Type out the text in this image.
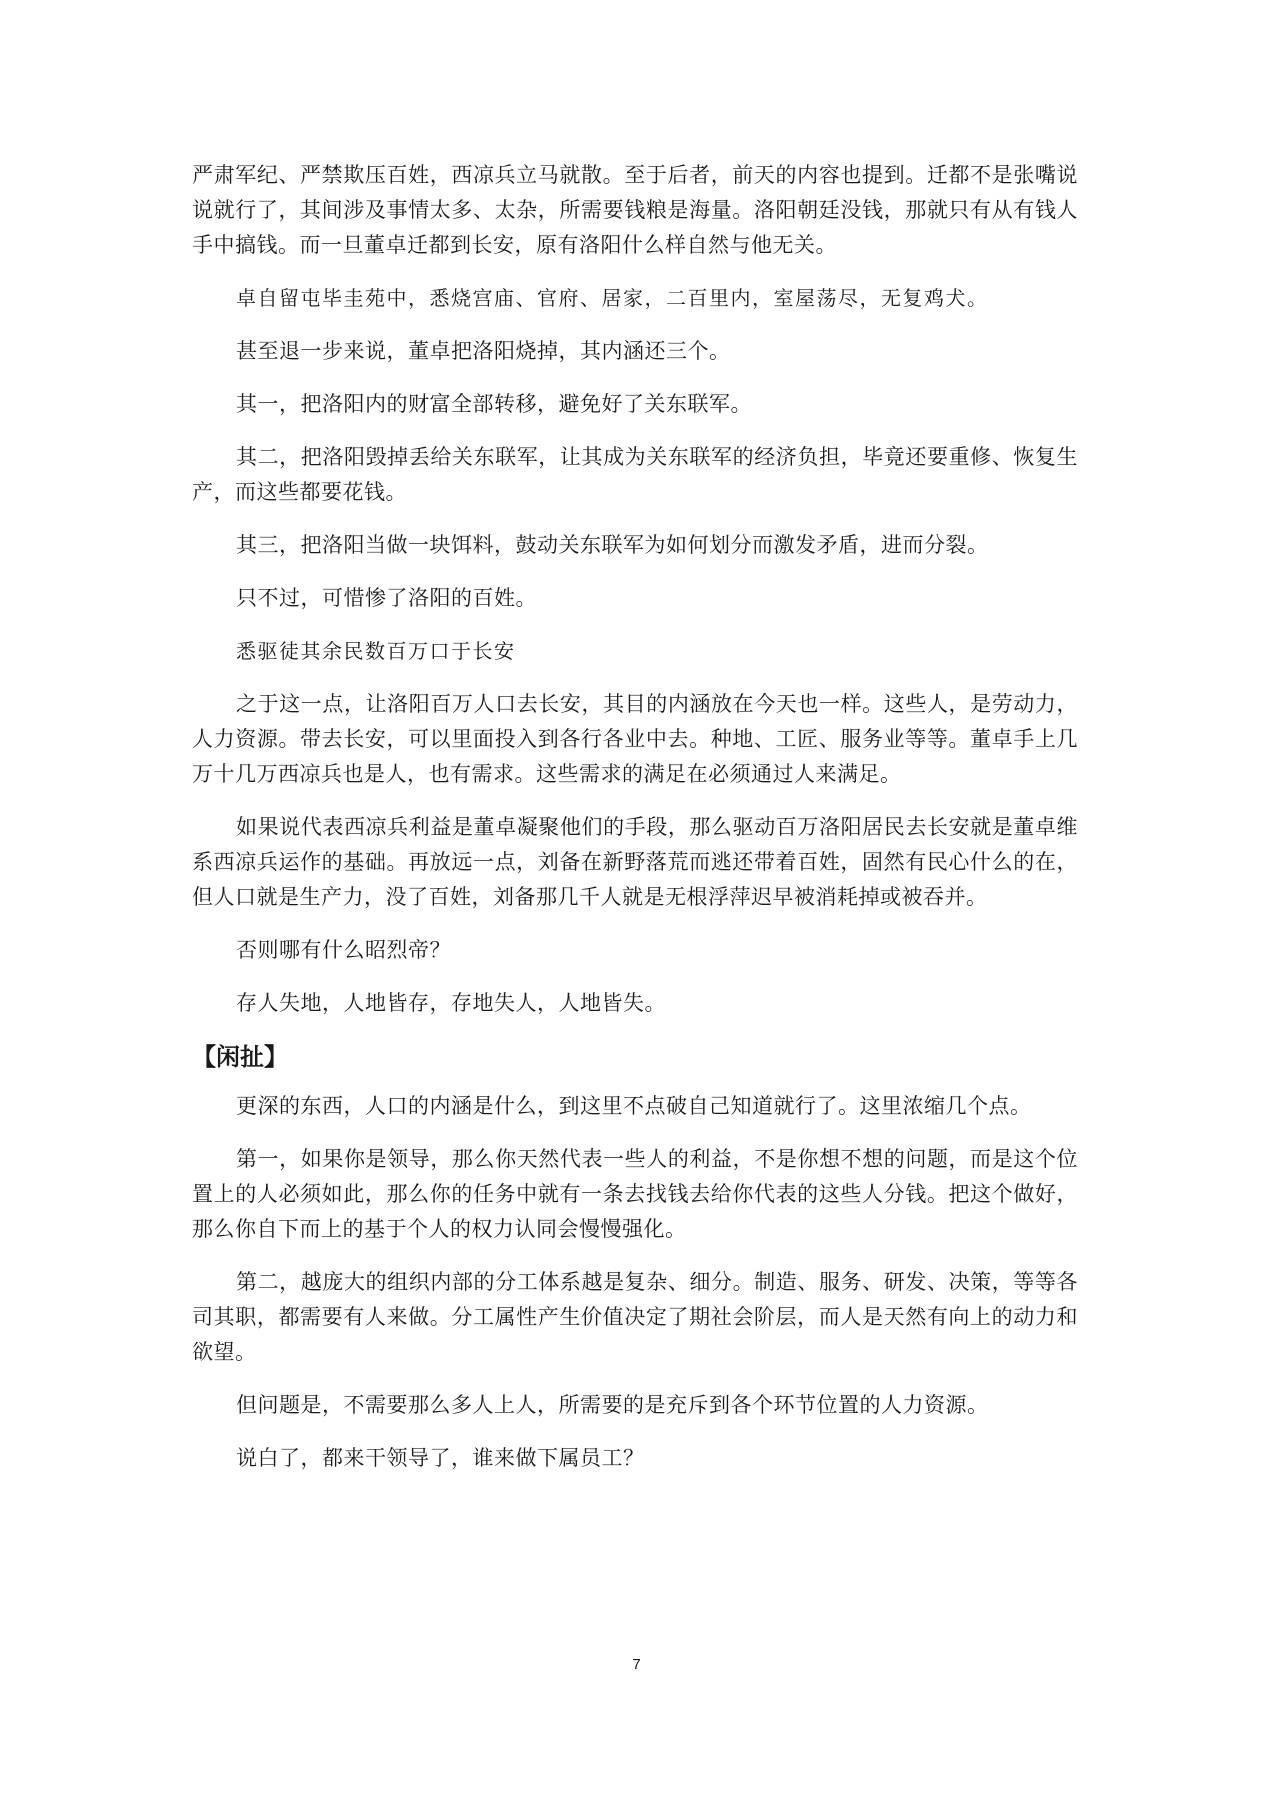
严肃军纪、严禁欺压百姓，西凉兵立马就散。至于后者，前天的内容也提到。迁都不是张嘴说说就行了，其间涉及事情太多、太杂，所需要钱粮是海量。洛阳朝廷没钱，那就只有从有钱人手中搞钱。而一旦董卓迁都到长安，原有洛阳什么样自然与他无关。

卓自留屯毕圭苑中，悉烧宫庙、官府、居家，二百里内，室屋荡尽，无复鸡犬。

甚至退一步来说，董卓把洛阳烧掉，其内涵还三个。

其一，把洛阳内的财富全部转移，避免好了关东联军。

其二，把洛阳毁掉丢给关东联军，让其成为关东联军的经济负担，毕竟还要重修、恢复生产，而这些都要花钱。

其三，把洛阳当做一块饵料，鼓动关东联军为如何划分而激发矛盾，进而分裂。

只不过，可惜惨了洛阳的百姓。

悉驱徒其余民数百万口于长安

之于这一点，让洛阳百万人口去长安，其目的内涵放在今天也一样。这些人，是劳动力，人力资源。带去长安，可以里面投入到各行各业中去。种地、工匠、服务业等等。董卓手上几万十几万西凉兵也是人，也有需求。这些需求的满足在必须通过人来满足。

如果说代表西凉兵利益是董卓凝聚他们的手段，那么驱动百万洛阳居民去长安就是董卓维系西凉兵运作的基础。再放远一点，刘备在新野落荒而逃还带着百姓，固然有民心什么的在，但人口就是生产力，没了百姓，刘备那几千人就是无根浮萍迟早被消耗掉或被吞并。

否则哪有什么昭烈帝？

存人失地，人地皆存，存地失人，人地皆失。

【闲扯】

更深的东西，人口的内涵是什么，到这里不点破自己知道就行了。这里浓缩几个点。

第一，如果你是领导，那么你天然代表一些人的利益，不是你想不想的问题，而是这个位置上的人必须如此，那么你的任务中就有一条去找钱去给你代表的这些人分钱。把这个做好，那么你自下而上的基于个人的权力认同会慢慢强化。

第二，越庞大的组织内部的分工体系越是复杂、细分。制造、服务、研发、决策，等等各司其职，都需要有人来做。分工属性产生价值决定了期社会阶层，而人是天然有向上的动力和欲望。

但问题是，不需要那么多人上人，所需要的是充斥到各个环节位置的人力资源。

说白了，都来干领导了，谁来做下属员工？

7
